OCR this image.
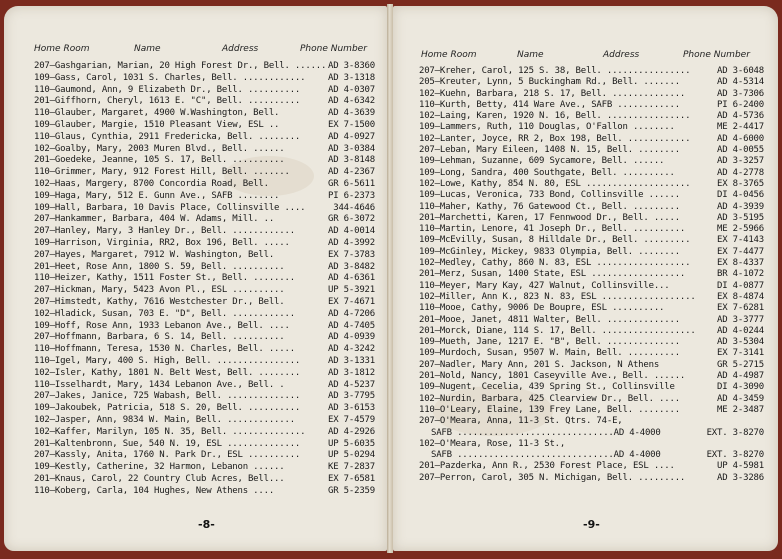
Home Room	Name	Address	Phone Number
207—Gashgarian, Marian, 20 High Forest Dr., Bell. ...... AD 3-8360
109—Gass, Carol, 1031 S. Charles, Bell. ............	AD 3-1318
110—Gaumond, Ann, 9 Elizabeth Dr., Bell. ..........	AD 4-0307
201—Giffhorn, Cheryl, 1613 E. "C", Bell. ..........	AD 4-6342
110—Glauber, Margaret, 4900 W.Washington, Bell.	AD 4-3639
109—Glauber, Margie, 1510 Pleasant View, ESL ..	EX 7-1500
110—Glaus, Cynthia, 2911 Fredericka, Bell. ........	AD 4-0927
102—Goalby, Mary, 2003 Muren Blvd., Bell. ......	AD 3-0384
201—Goedeke, Jeanne, 105 S. 17, Bell. ..........	AD 3-8148
110—Grimmer, Mary, 912 Forest Hill, Bell. .......	AD 4-2367
102—Haas, Margery, 8700 Concordia Road, Bell.	GR 6-5611
109—Haga, Mary, 512 E. Gunn Ave., SAFB ........	PI 6-2373
109—Hall, Barbara, 10 Davis Place, Collinsville ....	344-4646
207—Hankammer, Barbara, 404 W. Adams, Mill. ..	GR 6-3072
207—Hanley, Mary, 3 Hanley Dr., Bell. ............	AD 4-0014
109—Harrison, Virginia, RR2, Box 196, Bell. .....	AD 4-3992
207—Hayes, Margaret, 7912 W. Washington, Bell.	EX 7-3783
201—Heet, Rose Ann, 1800 S. 59, Bell. ..........	AD 3-8482
110—Heizer, Kathy, 1511 Foster St., Bell. ........	AD 4-6361
207—Hickman, Mary, 5423 Avon Pl., ESL ..........	UP 5-3921
207—Himstedt, Kathy, 7616 Westchester Dr., Bell.	EX 7-4671
102—Hladick, Susan, 703 E. "D", Bell. ............	AD 4-7206
109—Hoff, Rose Ann, 1933 Lebanon Ave., Bell. ....	AD 4-7405
207—Hoffmann, Barbara, 6 S. 14, Bell. ..........	AD 4-0939
110—Hoffmann, Teresa, 1530 N. Charles, Bell. .....	AD 4-3242
110—Igel, Mary, 400 S. High, Bell. ................	AD 3-1331
102—Isler, Kathy, 1801 N. Belt West, Bell. ........	AD 3-1812
110—Isselhardt, Mary, 1434 Lebanon Ave., Bell. .	AD 4-5237
207—Jakes, Janice, 725 Wabash, Bell. ..............	AD 3-7795
109—Jakoubek, Patricia, 518 S. 20, Bell. ..........	AD 3-6153
102—Jasper, Ann, 9834 W. Main, Bell. .............	EX 7-4579
102—Kaffer, Marilyn, 105 N. 35, Bell. ..............	AD 4-2926
201—Kaltenbronn, Sue, 540 N. 19, ESL ..............	UP 5-6035
207—Kassly, Anita, 1760 N. Park Dr., ESL ..........	UP 5-0294
109—Kestly, Catherine, 32 Harmon, Lebanon ......	KE 7-2837
201—Knaus, Carol, 22 Country Club Acres, Bell...	EX 7-6581
110—Koberg, Carla, 104 Hughes, New Athens ....	GR 5-2359
-8-
Home Room	Name	Address	Phone Number
207—Kreher, Carol, 125 S. 38, Bell. ................	AD 3-6048
205—Kreuter, Lynn, 5 Buckingham Rd., Bell. .......	AD 4-5314
102—Kuehn, Barbara, 218 S. 17, Bell. ..............	AD 3-7306
110—Kurth, Betty, 414 Ware Ave., SAFB ............	PI 6-2400
102—Laing, Karen, 1920 N. 16, Bell. ................	AD 4-5736
109—Lammers, Ruth, 110 Douglas, O'Fallon ........	ME 2-4417
102—Lanter, Joyce, RR 2, Box 198, Bell. ............	AD 4-6000
207—Leban, Mary Eileen, 1408 N. 15, Bell. ........	AD 4-0055
109—Lehman, Suzanne, 609 Sycamore, Bell. ......	AD 3-3257
109—Long, Sandra, 400 Southgate, Bell. ..........	AD 4-2778
102—Lowe, Kathy, 854 N. 80, ESL ....................	EX 8-3765
109—Lucas, Veronica, 733 Bond, Collinsville ......	DI 4-0456
110—Maher, Kathy, 76 Gatewood Ct., Bell. .........	AD 4-3939
201—Marchetti, Karen, 17 Fennwood Dr., Bell. .....	AD 3-5195
110—Martin, Lenore, 41 Joseph Dr., Bell. ..........	ME 2-5966
109—McEvilly, Susan, 8 Hilldale Dr., Bell. .........	EX 7-4143
109—McGinley, Mickey, 9833 Olympia, Bell. ........	EX 7-4477
102—Medley, Cathy, 860 N. 83, ESL ..................	EX 8-4337
201—Merz, Susan, 1400 State, ESL ..................	BR 4-1072
110—Meyer, Mary Kay, 427 Walnut, Collinsville...	DI 4-0877
102—Miller, Ann K., 823 N. 83, ESL ..................	EX 8-4874
110—Mooe, Cathy, 9006 De Boupre, ESL ..........	EX 7-6281
201—Mooe, Janet, 4811 Walter, Bell. ..............	AD 3-3777
201—Morck, Diane, 114 S. 17, Bell. ..................	AD 4-0244
109—Mueth, Jane, 1217 E. "B", Bell. ..............	AD 3-5304
109—Murdoch, Susan, 9507 W. Main, Bell. ..........	EX 7-3141
207—Nadler, Mary Ann, 201 S. Jackson, N Athens	GR 5-2715
201—Nold, Nancy, 1801 Caseyville Ave., Bell. ......	AD 4-4987
109—Nugent, Cecelia, 439 Spring St., Collinsville	DI 4-3090
102—Nurdin, Barbara, 425 Clearview Dr., Bell. ....	AD 4-3459
110—O'Leary, Elaine, 139 Frey Lane, Bell. ........	ME 2-3487
207—O'Meara, Anna, 11-3 St. Qtrs. 74-E,
SAFB ..............................AD 4-4000	EXT. 3-8270
102—O'Meara, Rose, 11-3 St.,
SAFB ..............................AD 4-4000	EXT. 3-8270
201—Pazderka, Ann R., 2530 Forest Place, ESL ....	UP 4-5981
207—Perron, Carol, 305 N. Michigan, Bell. .........	AD 3-3286
-9-
